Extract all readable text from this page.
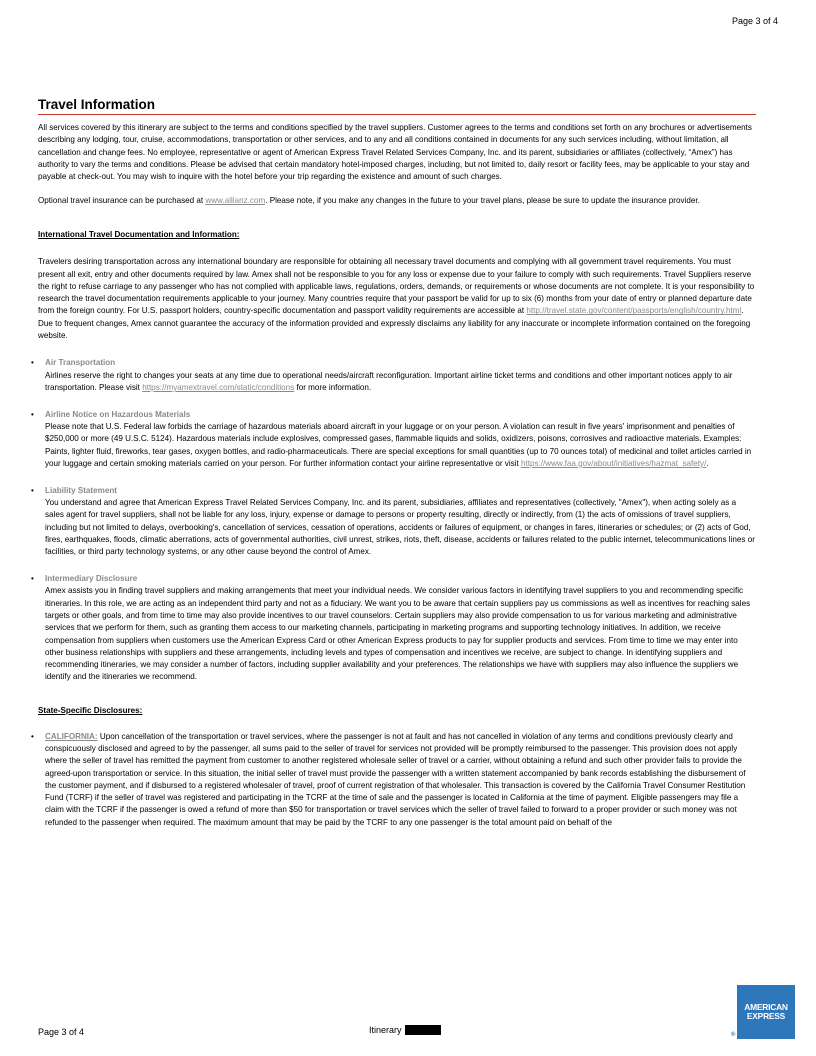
Page 3 of 4
Travel Information

All services covered by this itinerary are subject to the terms and conditions specified by the travel suppliers. Customer agrees to the terms and conditions set forth on any brochures or advertisements describing any lodging, tour, cruise, accommodations, transportation or other services, and to any and all conditions contained in documents for any such services including, without limitation, all cancellation and change fees. No employee, representative or agent of American Express Travel Related Services Company, Inc. and its parent, subsidiaries or affiliates (collectively, “Amex”) has authority to vary the terms and conditions. Please be advised that certain mandatory hotel-imposed charges, including, but not limited to, daily resort or facility fees, may be applicable to your stay and payable at check-out. You may wish to inquire with the hotel before your trip regarding the existence and amount of such charges.

Optional travel insurance can be purchased at www.allianz.com. Please note, if you make any changes in the future to your travel plans, please be sure to update the insurance provider.

International Travel Documentation and Information:

Travelers desiring transportation across any international boundary are responsible for obtaining all necessary travel documents and complying with all government travel requirements. You must present all exit, entry and other documents required by law. Amex shall not be responsible to you for any loss or expense due to your failure to comply with such requirements. Travel Suppliers reserve the right to refuse carriage to any passenger who has not complied with applicable laws, regulations, orders, demands, or requirements or whose documents are not complete. It is your responsibility to research the travel documentation requirements applicable to your journey. Many countries require that your passport be valid for up to six (6) months from your date of entry or planned departure date from the foreign country. For U.S. passport holders, country-specific documentation and passport validity requirements are accessible at http://travel.state.gov/content/passports/english/country.html. Due to frequent changes, Amex cannot guarantee the accuracy of the information provided and expressly disclaims any liability for any inaccurate or incomplete information contained on the foregoing website.

• Air Transportation

Airlines reserve the right to changes your seats at any time due to operational needs/aircraft reconfiguration. Important airline ticket terms and conditions and other important notices apply to air transportation. Please visit https://myamextravel.com/static/conditions for more information.

• Airline Notice on Hazardous Materials

Please note that U.S. Federal law forbids the carriage of hazardous materials aboard aircraft in your luggage or on your person. A violation can result in five years' imprisonment and penalties of $250,000 or more (49 U.S.C. 5124). Hazardous materials include explosives, compressed gases, flammable liquids and solids, oxidizers, poisons, corrosives and radioactive materials. Examples: Paints, lighter fluid, fireworks, tear gases, oxygen bottles, and radio-pharmaceuticals. There are special exceptions for small quantities (up to 70 ounces total) of medicinal and toilet articles carried in your luggage and certain smoking materials carried on your person. For further information contact your airline representative or visit https://www.faa.gov/about/initiatives/hazmat_safety/.

• Liability Statement

You understand and agree that American Express Travel Related Services Company, Inc. and its parent, subsidiaries, affiliates and representatives (collectively, "Amex"), when acting solely as a sales agent for travel suppliers, shall not be liable for any loss, injury, expense or damage to persons or property resulting, directly or indirectly, from (1) the acts of omissions of travel suppliers, including but not limited to delays, overbooking's, cancellation of services, cessation of operations, accidents or failures of equipment, or changes in fares, itineraries or schedules; or (2) acts of God, fires, earthquakes, floods, climatic aberrations, acts of governmental authorities, civil unrest, strikes, riots, theft, disease, accidents or failures related to the public internet, telecommunications lines or facilities, or third party technology systems, or any other cause beyond the control of Amex.

• Intermediary Disclosure

Amex assists you in finding travel suppliers and making arrangements that meet your individual needs. We consider various factors in identifying travel suppliers to you and recommending specific itineraries. In this role, we are acting as an independent third party and not as a fiduciary. We want you to be aware that certain suppliers pay us commissions as well as incentives for reaching sales targets or other goals, and from time to time may also provide incentives to our travel counselors. Certain suppliers may also provide compensation to us for various marketing and administrative services that we perform for them, such as granting them access to our marketing channels, participating in marketing programs and supporting technology initiatives. In addition, we receive compensation from suppliers when customers use the American Express Card or other American Express products to pay for supplier products and services. From time to time we may enter into other business relationships with suppliers and these arrangements, including levels and types of compensation and incentives we receive, are subject to change. In identifying suppliers and recommending itineraries, we may consider a number of factors, including supplier availability and your preferences. The relationships we have with suppliers may also influence the suppliers we identify and the itineraries we recommend.

State-Specific Disclosures:
• CALIFORNIA: Upon cancellation of the transportation or travel services, where the passenger is not at fault and has not cancelled in violation of any terms and conditions previously clearly and conspicuously disclosed and agreed to by the passenger, all sums paid to the seller of travel for services not provided will be promptly reimbursed to the passenger. This provision does not apply where the seller of travel has remitted the payment from customer to another registered wholesale seller of travel or a carrier, without obtaining a refund and such other provider fails to provide the agreed-upon transportation or service. In this situation, the initial seller of travel must provide the passenger with a written statement accompanied by bank records establishing the disbursement of the customer payment, and if disbursed to a registered wholesaler of travel, proof of current registration of that wholesaler. This transaction is covered by the California Travel Consumer Restitution Fund (TCRF) if the seller of travel was registered and participating in the TCRF at the time of sale and the passenger is located in California at the time of payment. Eligible passengers may file a claim with the TCRF if the passenger is owed a refund of more than $50 for transportation or travel services which the seller of travel failed to forward to a proper provider or such money was not refunded to the passenger when required. The maximum amount that may be paid by the TCRF to any one passenger is the total amount paid on behalf of the

AMERICAN
EXPRESS
®
Page 3 of 4	Itinerary
